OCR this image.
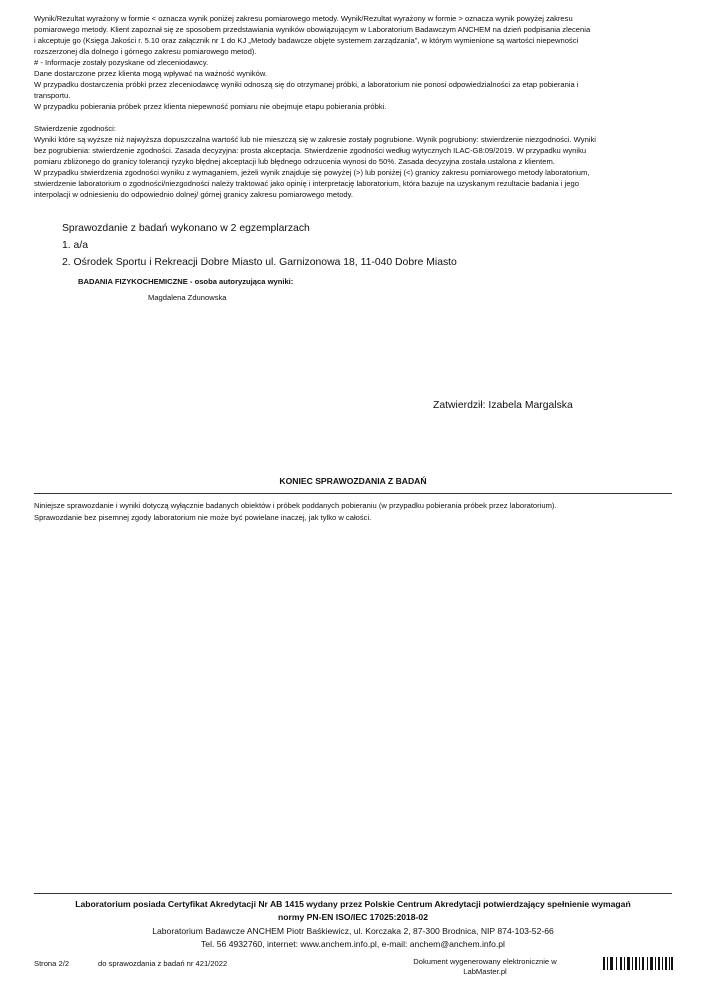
Wynik/Rezultat wyrażony w formie < oznacza wynik poniżej zakresu pomiarowego metody. Wynik/Rezultat wyrażony w formie > oznacza wynik powyżej zakresu

pomiarowego metody. Klient zapoznał się ze sposobem przedstawiania wyników obowiązującym w Laboratorium Badawczym ANCHEM na dzień podpisania zlecenia

i akceptuje go (Księga Jakości r. 5.10 oraz załącznik nr 1 do KJ „Metody badawcze objęte systemem zarządzania", w którym wymienione są wartości niepewności

rozszerzonej dla dolnego i górnego zakresu pomiarowego metod).

# - Informacje zostały pozyskane od zleceniodawcy.

Dane dostarczone przez klienta mogą wpływać na ważność wyników.

W przypadku dostarczenia próbki przez zleceniodawcę wyniki odnoszą się do otrzymanej próbki, a laboratorium nie ponosi odpowiedzialności za etap pobierania i

transportu.

W przypadku pobierania próbek przez klienta niepewność pomiaru nie obejmuje etapu pobierania próbki.

Stwierdzenie zgodności:

Wyniki które są wyższe niż najwyższa dopuszczalna wartość lub nie mieszczą się w zakresie zostały pogrubione. Wynik pogrubiony: stwierdzenie niezgodności. Wyniki

bez pogrubienia: stwierdzenie zgodności. Zasada decyzyjna: prosta akceptacja. Stwierdzenie zgodności według wytycznych ILAC-G8:09/2019. W przypadku wyniku

pomiaru zbliżonego do granicy tolerancji ryzyko błędnej akceptacji lub błędnego odrzucenia wynosi do 50%. Zasada decyzyjna została ustalona z klientem.

W przypadku stwierdzenia zgodności wyniku z wymaganiem, jeżeli wynik znajduje się powyżej (>) lub poniżej (<) granicy zakresu pomiarowego metody laboratorium,

stwierdzenie laboratorium o zgodności/niezgodności należy traktować jako opinię i interpretację laboratorium, która bazuje na uzyskanym rezultacie badania i jego

interpolacji w odniesieniu do odpowiednio dolnej/ górnej granicy zakresu pomiarowego metody.

Sprawozdanie z badań wykonano w 2 egzemplarzach

1. a/a

2. Ośrodek Sportu i Rekreacji Dobre Miasto ul. Garnizonowa 18, 11-040 Dobre Miasto

BADANIA FIZYKOCHEMICZNE - osoba autoryzująca wyniki:
Magdalena Zdunowska
Zatwierdził: Izabela Margalska
KONIEC SPRAWOZDANIA Z BADAŃ

Niniejsze sprawozdanie i wyniki dotyczą wyłącznie badanych obiektów i próbek poddanych pobieraniu (w przypadku pobierania próbek przez laboratorium).

Sprawozdanie bez pisemnej zgody laboratorium nie może być powielane inaczej, jak tylko w całości.

Laboratorium posiada Certyfikat Akredytacji Nr AB 1415 wydany przez Polskie Centrum Akredytacji potwierdzający spełnienie wymagań

normy PN-EN ISO/IEC 17025:2018-02

Laboratorium Badawcze ANCHEM Piotr Baśkiewicz, ul. Korczaka 2, 87-300 Brodnica, NIP 874-103-52-66

Tel. 56 4932760, internet: www.anchem.info.pl, e-mail: anchem@anchem.info.pl

Strona 2/2	do sprawozdania z badań nr 421/2022	Dokument wygenerowany elektronicznie w

LabMaster.pl
